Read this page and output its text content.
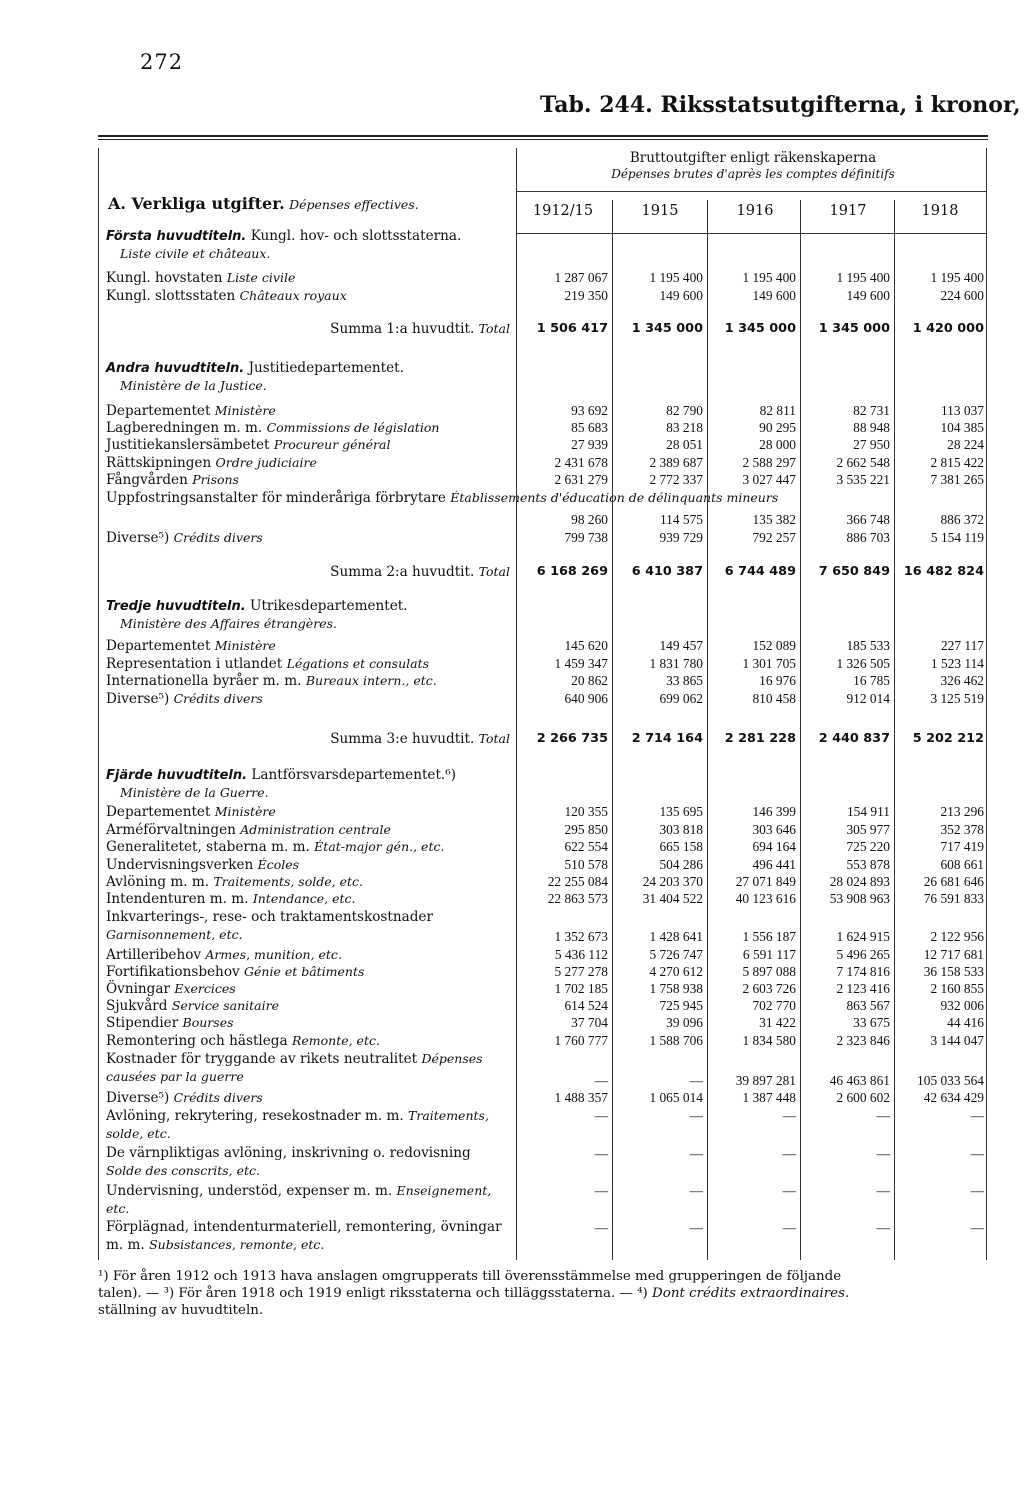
272
Tab. 244. Riksstatsutgifterna, i kronor,
Bruttoutgifter enligt räkenskaperna
Dépenses brutes d'après les comptes définitifs
1912/15	1915	1916	1917	1918
A. Verkliga utgifter. Dépenses effectives.
Första huvudtiteln. Kungl. hov- och slottsstaterna.
Liste civile et châteaux.
Kungl. hovstaten Liste civile	1 287 067	1 195 400	1 195 400	1 195 400	1 195 400
Kungl. slottsstaten Châteaux royaux	219 350	149 600	149 600	149 600	224 600
Summa 1:a huvudtit. Total	1 506 417	1 345 000	1 345 000	1 345 000	1 420 000
Andra huvudtiteln. Justitiedepartementet.
Ministère de la Justice.
Departementet Ministère	93 692	82 790	82 811	82 731	113 037
Lagberedningen m. m. Commissions de législation	85 683	83 218	90 295	88 948	104 385
Justitiekanslersämbetet Procureur général	27 939	28 051	28 000	27 950	28 224
Rättskipningen Ordre judiciaire	2 431 678	2 389 687	2 588 297	2 662 548	2 815 422
Fångvården Prisons	2 631 279	2 772 337	3 027 447	3 535 221	7 381 265
Uppfostringsanstalter för minderåriga förbrytare Établissements d'éducation de délinquants mineurs
98 260	114 575	135 382	366 748	886 372
Diverse⁵) Crédits divers	799 738	939 729	792 257	886 703	5 154 119
Summa 2:a huvudtit. Total	6 168 269	6 410 387	6 744 489	7 650 849	16 482 824
Tredje huvudtiteln. Utrikesdepartementet.
Ministère des Affaires étrangères.
Departementet Ministère	145 620	149 457	152 089	185 533	227 117
Representation i utlandet Légations et consulats	1 459 347	1 831 780	1 301 705	1 326 505	1 523 114
Internationella byråer m. m. Bureaux intern., etc.	20 862	33 865	16 976	16 785	326 462
Diverse⁵) Crédits divers	640 906	699 062	810 458	912 014	3 125 519
Summa 3:e huvudtit. Total	2 266 735	2 714 164	2 281 228	2 440 837	5 202 212
Fjärde huvudtiteln. Lantförsvarsdepartementet.⁶)
Ministère de la Guerre.
Departementet Ministère	120 355	135 695	146 399	154 911	213 296
Arméförvaltningen Administration centrale	295 850	303 818	303 646	305 977	352 378
Generalitetet, staberna m. m. État-major gén., etc.	622 554	665 158	694 164	725 220	717 419
Undervisningsverken Écoles	510 578	504 286	496 441	553 878	608 661
Avlöning m. m. Traitements, solde, etc.	22 255 084	24 203 370	27 071 849	28 024 893	26 681 646
Intendenturen m. m. Intendance, etc.	22 863 573	31 404 522	40 123 616	53 908 963	76 591 833
Inkvarterings-, rese- och traktamentskostnader Garnisonnement, etc.	1 352 673	1 428 641	1 556 187	1 624 915	2 122 956
Artilleribehov Armes, munition, etc.	5 436 112	5 726 747	6 591 117	5 496 265	12 717 681
Fortifikationsbehov Génie et bâtiments	5 277 278	4 270 612	5 897 088	7 174 816	36 158 533
Övningar Exercices	1 702 185	1 758 938	2 603 726	2 123 416	2 160 855
Sjukvård Service sanitaire	614 524	725 945	702 770	863 567	932 006
Stipendier Bourses	37 704	39 096	31 422	33 675	44 416
Remontering och hästlega Remonte, etc.	1 760 777	1 588 706	1 834 580	2 323 846	3 144 047
Kostnader för tryggande av rikets neutralitet Dépenses causées par la guerre	—	—	39 897 281	46 463 861	105 033 564
Diverse⁵) Crédits divers	1 488 357	1 065 014	1 387 448	2 600 602	42 634 429
Avlöning, rekrytering, resekostnader m. m. Traitements, solde, etc.
—	—	—	—	—
De värnpliktigas avlöning, inskrivning o. redovisning Solde des conscrits, etc.
—	—	—	—	—
Undervisning, understöd, expenser m. m. Enseignement, etc.
—	—	—	—	—
Förplägnad, intendenturmateriell, remontering, övningar m. m. Subsistances, remonte, etc.
—	—	—	—	—
¹) För åren 1912 och 1913 hava anslagen omgrupperats till överensstämmelse med grupperingen de följande
talen). — ³) För åren 1918 och 1919 enligt riksstaterna och tilläggsstaterna. — ⁴) Dont crédits extraordinaires.
ställning av huvudtiteln.
